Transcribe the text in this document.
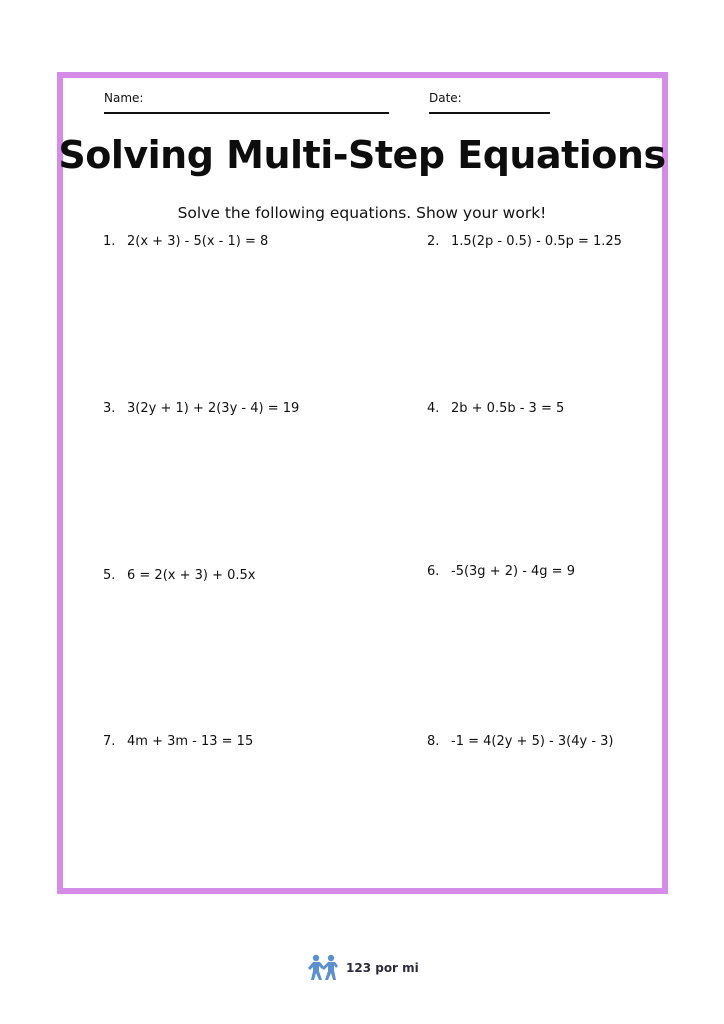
Name:	Date:
Solving Multi-Step Equations
Solve the following equations. Show your work!
1. 2(x + 3) - 5(x - 1) = 8	2. 1.5(2p - 0.5) - 0.5p = 1.25
3. 3(2y + 1) + 2(3y - 4) = 19	4. 2b + 0.5b - 3 = 5
5. 6 = 2(x + 3) + 0.5x	6. -5(3g + 2) - 4g = 9
7. 4m + 3m - 13 = 15	8. -1 = 4(2y + 5) - 3(4y - 3)
123 por mi
